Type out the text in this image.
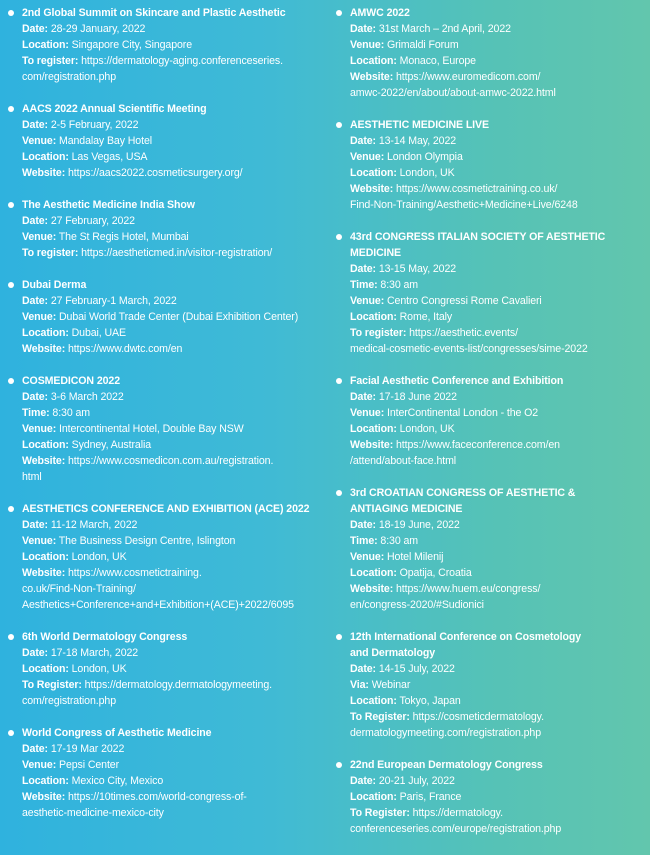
2nd Global Summit on Skincare and Plastic Aesthetic
Date: 28-29 January, 2022
Location: Singapore City, Singapore
To register: https://dermatology-aging.conferenceseries.
com/registration.php
AACS 2022 Annual Scientific Meeting
Date: 2-5 February, 2022
Venue: Mandalay Bay Hotel
Location: Las Vegas, USA
Website: https://aacs2022.cosmeticsurgery.org/
The Aesthetic Medicine India Show
Date: 27 February, 2022
Venue: The St Regis Hotel, Mumbai
To register: https://aestheticmed.in/visitor-registration/
Dubai Derma
Date: 27 February-1 March, 2022
Venue: Dubai World Trade Center (Dubai Exhibition Center)
Location: Dubai, UAE
Website: https://www.dwtc.com/en
COSMEDICON 2022
Date: 3-6 March 2022
Time: 8:30 am
Venue: Intercontinental Hotel, Double Bay NSW
Location: Sydney, Australia
Website: https://www.cosmedicon.com.au/registration.
html
AESTHETICS CONFERENCE AND EXHIBITION (ACE) 2022
Date: 11-12 March, 2022
Venue: The Business Design Centre, Islington
Location: London, UK
Website: https://www.cosmetictraining.
co.uk/Find-Non-Training/
Aesthetics+Conference+and+Exhibition+(ACE)+2022/6095
6th World Dermatology Congress
Date: 17-18 March, 2022
Location: London, UK
To Register: https://dermatology.dermatologymeeting.
com/registration.php
World Congress of Aesthetic Medicine
Date: 17-19 Mar 2022
Venue: Pepsi Center
Location: Mexico City, Mexico
Website: https://10times.com/world-congress-of-
aesthetic-medicine-mexico-city
AMWC 2022
Date: 31st March – 2nd April, 2022
Venue: Grimaldi Forum
Location: Monaco, Europe
Website: https://www.euromedicom.com/
amwc-2022/en/about/about-amwc-2022.html
AESTHETIC MEDICINE LIVE
Date: 13-14 May, 2022
Venue: London Olympia
Location: London, UK
Website: https://www.cosmetictraining.co.uk/
Find-Non-Training/Aesthetic+Medicine+Live/6248
43rd CONGRESS ITALIAN SOCIETY OF AESTHETIC
MEDICINE
Date: 13-15 May, 2022
Time: 8:30 am
Venue: Centro Congressi Rome Cavalieri
Location: Rome, Italy
To register: https://aesthetic.events/
medical-cosmetic-events-list/congresses/sime-2022
Facial Aesthetic Conference and Exhibition
Date: 17-18 June 2022
Venue: InterContinental London - the O2
Location: London, UK
Website: https://www.faceconference.com/en
/attend/about-face.html
3rd CROATIAN CONGRESS OF AESTHETIC &
ANTIAGING MEDICINE
Date: 18-19 June, 2022
Time: 8:30 am
Venue: Hotel Milenij
Location: Opatija, Croatia
Website: https://www.huem.eu/congress/
en/congress-2020/#Sudionici
12th International Conference on Cosmetology
and Dermatology
Date: 14-15 July, 2022
Via: Webinar
Location: Tokyo, Japan
To Register: https://cosmeticdermatology.
dermatologymeeting.com/registration.php
22nd European Dermatology Congress
Date: 20-21 July, 2022
Location: Paris, France
To Register: https://dermatology.
conferenceseries.com/europe/registration.php
